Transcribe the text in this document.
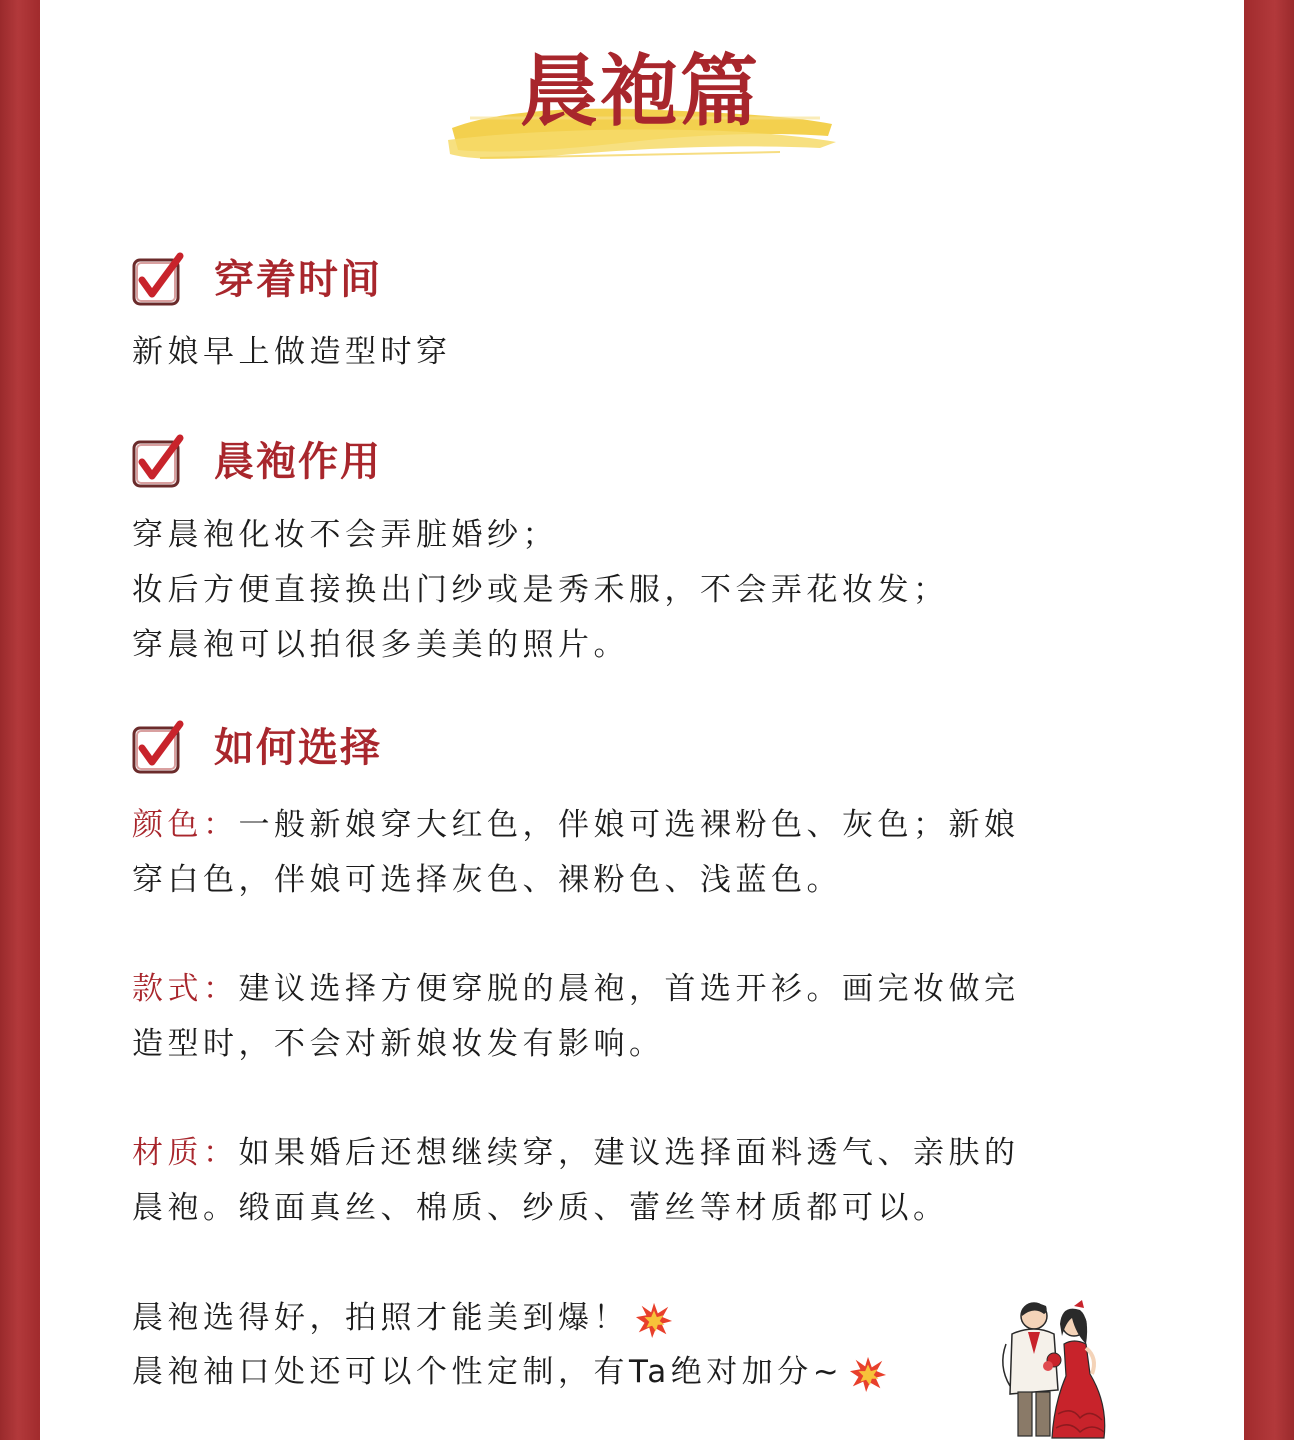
晨袍篇
穿着时间
新娘早上做造型时穿
晨袍作用
穿晨袍化妆不会弄脏婚纱；
妆后方便直接换出门纱或是秀禾服，不会弄花妆发；
穿晨袍可以拍很多美美的照片。
如何选择
颜色：一般新娘穿大红色，伴娘可选裸粉色、灰色；新娘
穿白色，伴娘可选择灰色、裸粉色、浅蓝色。
款式：建议选择方便穿脱的晨袍，首选开衫。画完妆做完
造型时，不会对新娘妆发有影响。
材质：如果婚后还想继续穿，建议选择面料透气、亲肤的
晨袍。缎面真丝、棉质、纱质、蕾丝等材质都可以。
晨袍选得好，拍照才能美到爆！
晨袍袖口处还可以个性定制，有Ta绝对加分~
